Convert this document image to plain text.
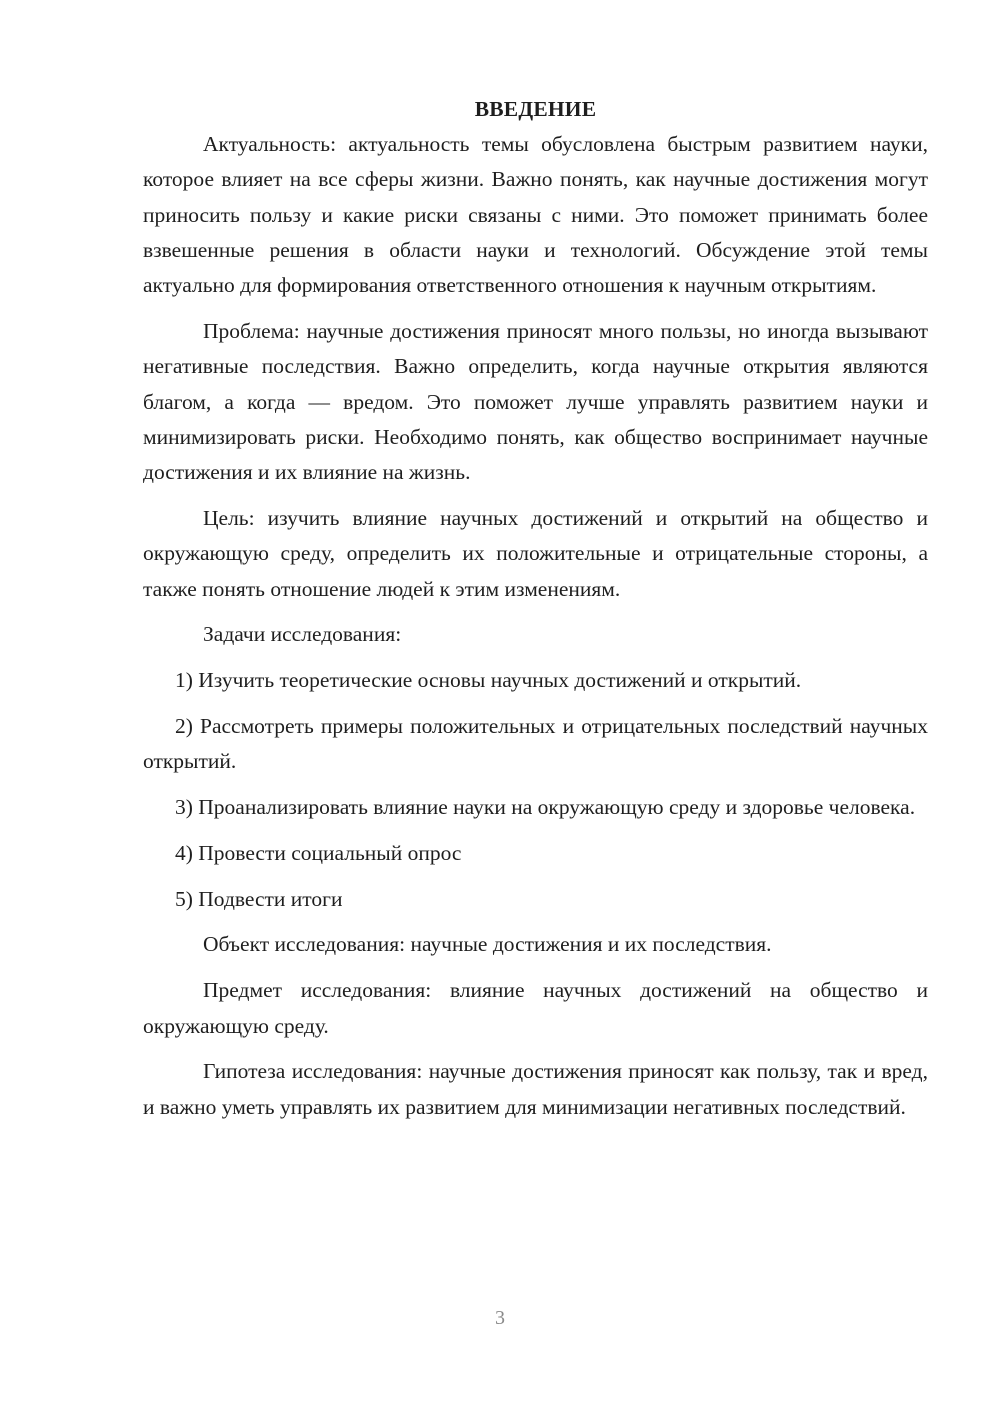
ВВЕДЕНИЕ

Актуальность: актуальность темы обусловлена быстрым развитием науки, которое влияет на все сферы жизни. Важно понять, как научные достижения могут приносить пользу и какие риски связаны с ними. Это поможет принимать более взвешенные решения в области науки и технологий. Обсуждение этой темы актуально для формирования ответственного отношения к научным открытиям.

Проблема: научные достижения приносят много пользы, но иногда вызывают негативные последствия. Важно определить, когда научные открытия являются благом, а когда — вредом. Это поможет лучше управлять развитием науки и минимизировать риски. Необходимо понять, как общество воспринимает научные достижения и их влияние на жизнь.

Цель: изучить влияние научных достижений и открытий на общество и окружающую среду, определить их положительные и отрицательные стороны, а также понять отношение людей к этим изменениям.

Задачи исследования:

1) Изучить теоретические основы научных достижений и открытий.

2) Рассмотреть примеры положительных и отрицательных последствий научных открытий.

3) Проанализировать влияние науки на окружающую среду и здоровье человека.

4) Провести социальный опрос

5) Подвести итоги

Объект исследования: научные достижения и их последствия.

Предмет исследования: влияние научных достижений на общество и окружающую среду.

Гипотеза исследования: научные достижения приносят как пользу, так и вред, и важно уметь управлять их развитием для минимизации негативных последствий.

3
